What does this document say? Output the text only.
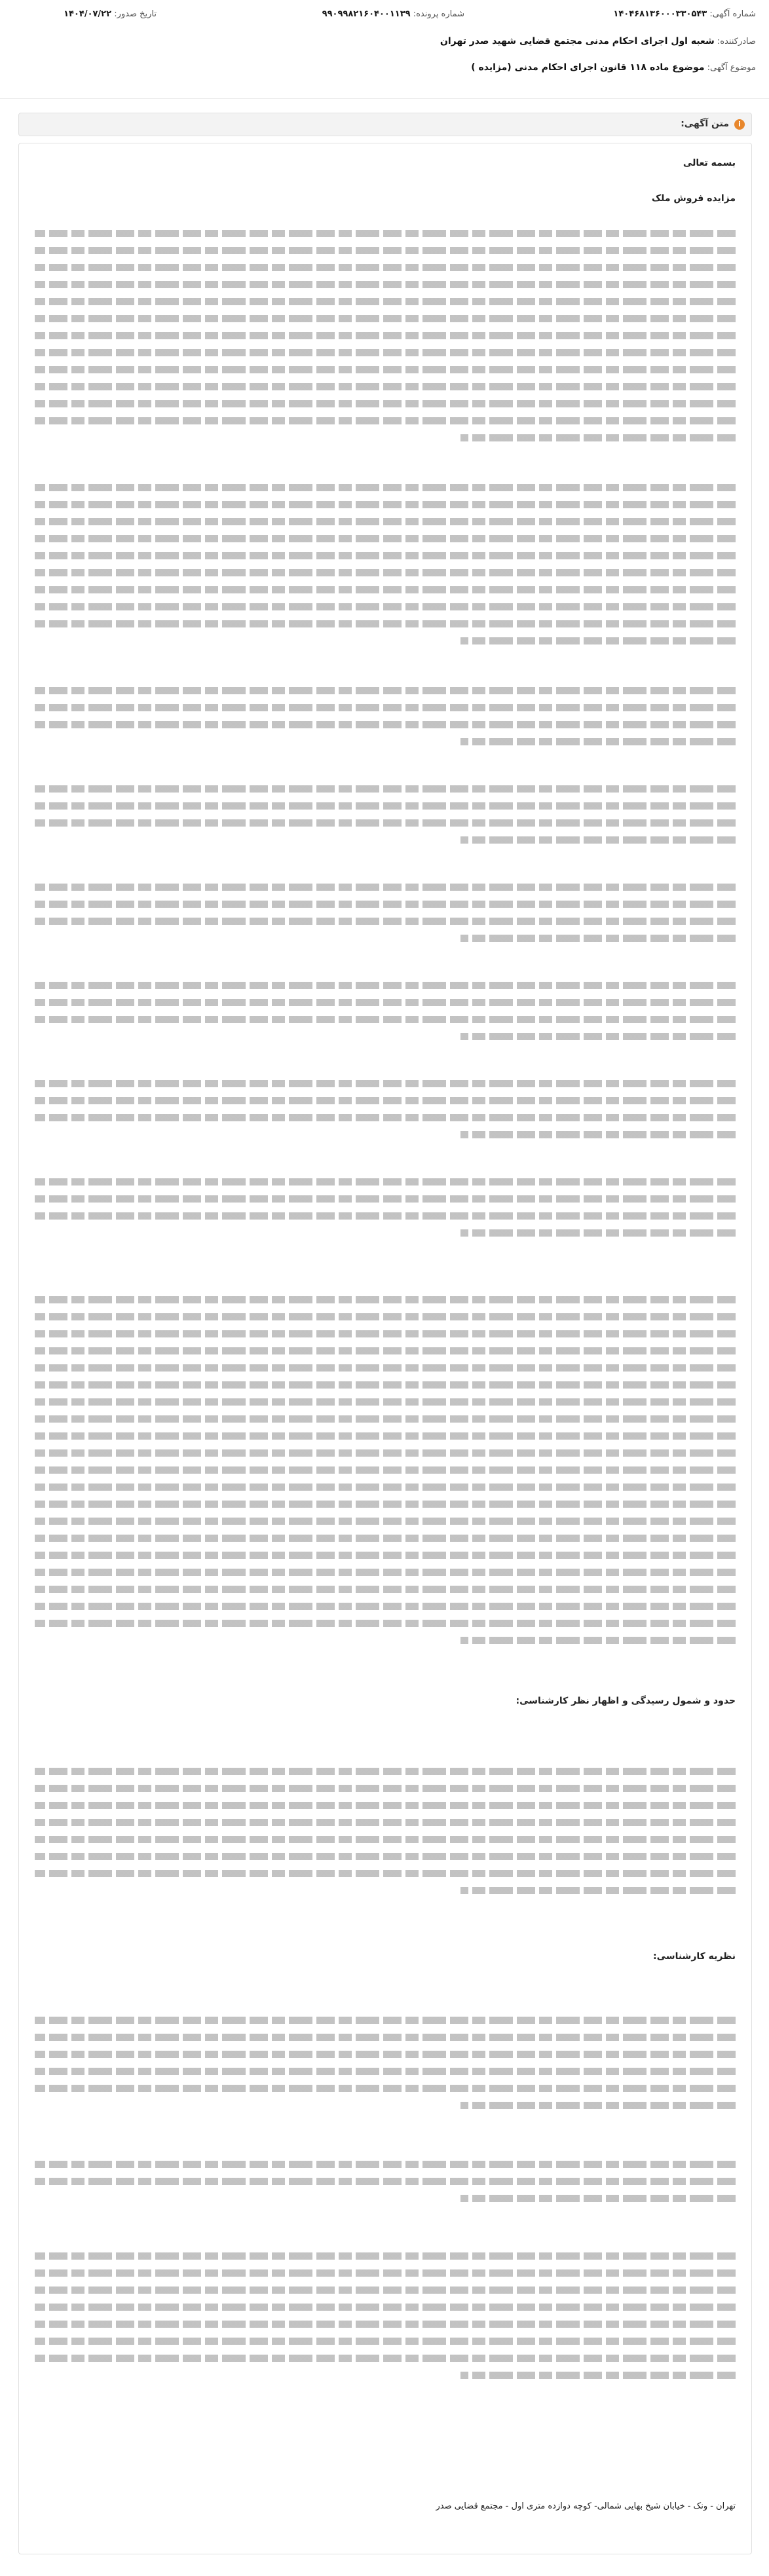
شماره آگهی: ۱۴۰۴۶۸۱۳۶۰۰۰۳۳۰۵۴۳
شماره پرونده: ۹۹۰۹۹۸۲۱۶۰۴۰۰۱۱۳۹
تاریخ صدور: ۱۴۰۴/۰۷/۲۲
صادرکننده: شعبه اول اجرای احکام مدنی مجتمع قضایی شهید صدر تهران
موضوع آگهی: موضوع ماده ۱۱۸ قانون اجرای احکام مدنی (مزایده )
i
متن آگهی:
بسمه تعالی
مزایده فروش ملک
حدود و شمول رسیدگی و اظهار نظر کارشناسی:
نظریه کارشناسی:
تهران - ونک - خیابان شیخ بهایی شمالی- کوچه دوازده متری اول - مجتمع قضایی صدر
